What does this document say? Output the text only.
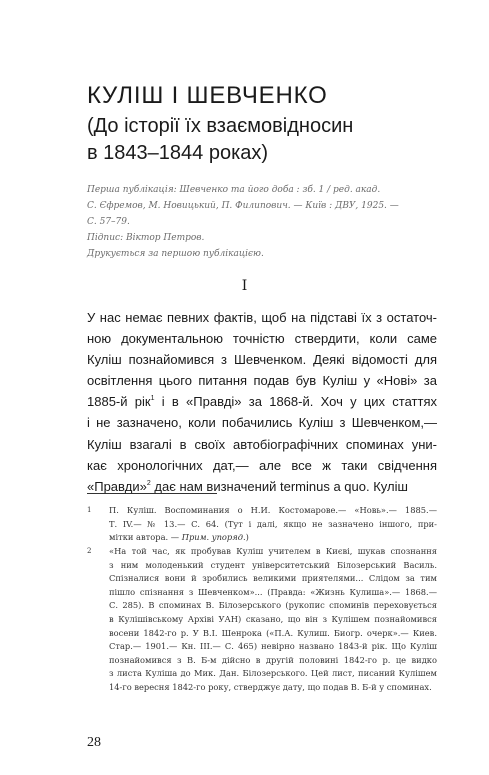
КУЛІШ І ШЕВЧЕНКО
(До історії їх взаємовідносин
в 1843–1844 роках)
Перша публікація: Шевченко та його доба : зб. 1 / ред. акад.
С. Єфремов, М. Новицький, П. Филипович. — Київ : ДВУ, 1925. —
С. 57–79.
Підпис: Віктор Петров.
Друкується за першою публікацією.
I
У нас немає певних фактів, щоб на підставі їх з остаточ-
ною документальною точністю ствердити, коли саме
Куліш познайомився з Шевченком. Деякі відомості для
освітлення цього питання подав був Куліш у «Нові» за
1885-й рік$^1$ і в «Правді» за 1868-й. Хоч у цих статтях
і не зазначено, коли побачились Куліш з Шевченком,—
Куліш взагалі в своїх автобіографічних споминах уни-
кає хронологічних дат,— але все ж таки свідчення
«Правди»$^2$ дає нам визначений terminus a quo. Куліш
1 П. Куліш. Воспоминания о Н.И. Костомарове.— «Новь».— 1885.—
Т. IV.— № 13.— С. 64. (Тут і далі, якщо не зазначено іншого, при-
мітки автора. — Прим. упоряд.)
2 «На той час, як пробував Куліш учителем в Києві, шукав спознання
з ним молоденький студент університетський Білозерський Василь.
Спізналися вони й зробились великими приятелями... Слідом за тим
пішло спізнання з Шевченком»... (Правда: «Жизнь Кулиша».— 1868.—
С. 285). В споминах В. Білозерського (рукопис споминів переховується
в Кулішівському Архіві УАН) сказано, що він з Кулішем познайомився
восени 1842-го р. У В.І. Шенрока («П.А. Кулиш. Биогр. очерк».— Киев.
Стар.— 1901.— Кн. III.— С. 465) невірно названо 1843-й рік. Що Куліш
познайомився з В. Б-м дійсно в другій половині 1842-го р. це видко
з листа Куліша до Мик. Дан. Білозерського. Цей лист, писаний Кулішем
14-го вересня 1842-го року, стверджує дату, що подав В. Б-й у споминах.
28
